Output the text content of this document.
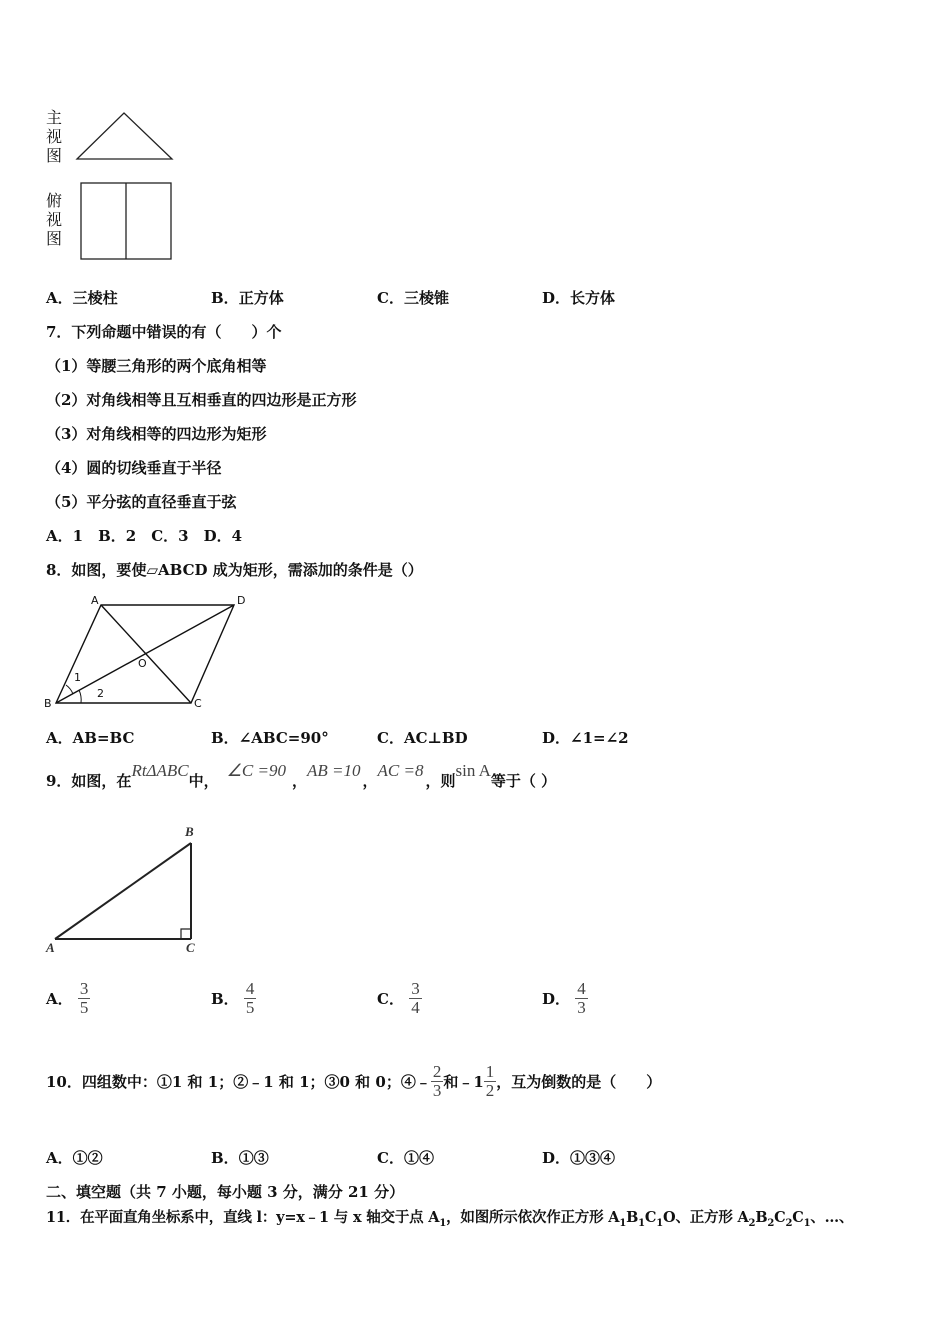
主
视
图
俯
视
图
A．三棱柱	B．正方体	C．三棱锥	D．长方体
7．下列命题中错误的有（　　）个
（1）等腰三角形的两个底角相等
（2）对角线相等且互相垂直的四边形是正方形
（3）对角线相等的四边形为矩形
（4）圆的切线垂直于半径
（5）平分弦的直径垂直于弦
A．1　B．2　C．3　D．4
8．如图，要使▱ABCD 成为矩形，需添加的条件是（）
A	D
B	C
O
1
2
A．AB=BC	B．∠ABC=90°	C．AC⊥BD	D．∠1=∠2
9．如图，在RtΔABC中，∠C =90，AB =10，AC =8，则sin A等于（ ）
B
A	C
A． $\frac{3}{5}$	B． $\frac{4}{5}$	C． $\frac{3}{4}$	D． $\frac{4}{3}$
10．四组数中：①1 和 1；②﹣1 和 1；③0 和 0；④﹣ $\frac{2}{3}$ 和﹣1 $\frac{1}{2}$ ，互为倒数的是（　　）
A．①②	B．①③	C．①④	D．①③④
二、填空题（共 7 小题，每小题 3 分，满分 21 分）
11．在平面直角坐标系中，直线 l：y=x﹣1 与 x 轴交于点 $A_1$，如图所示依次作正方形 $A_1B_1C_1O$、正方形 $A_2B_2C_2C_1$、…、
